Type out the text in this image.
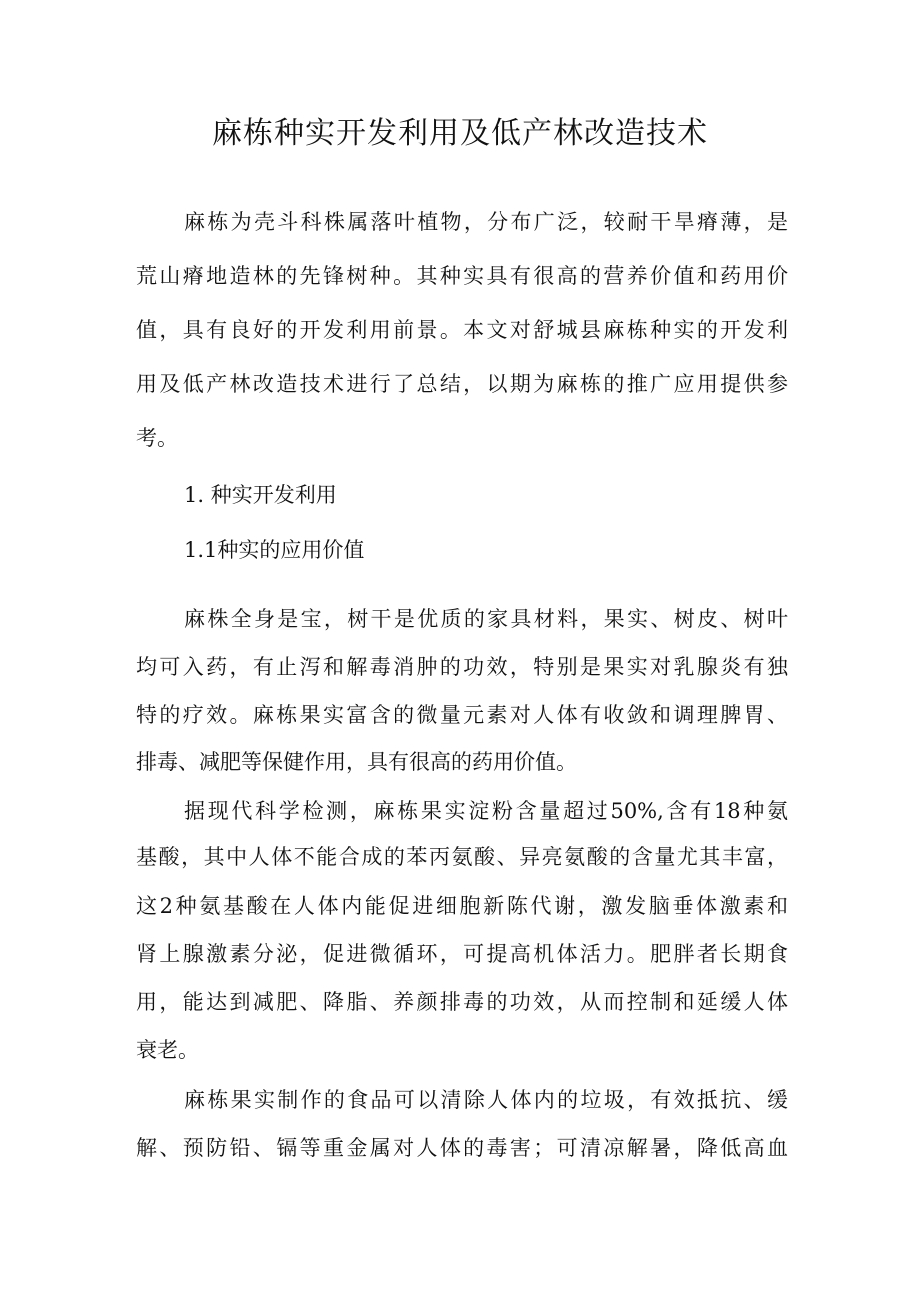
麻栋种实开发利用及低产林改造技术

麻栋为壳斗科株属落叶植物，分布广泛，较耐干旱瘠薄，是

荒山瘠地造林的先锋树种。其种实具有很高的营养价值和药用价

值，具有良好的开发利用前景。本文对舒城县麻栋种实的开发利

用及低产林改造技术进行了总结，以期为麻栋的推广应用提供参

考。

1. 种实开发利用

1.1种实的应用价值

麻株全身是宝，树干是优质的家具材料，果实、树皮、树叶

均可入药，有止泻和解毒消肿的功效，特别是果实对乳腺炎有独

特的疗效。麻栋果实富含的微量元素对人体有收敛和调理脾胃、

排毒、减肥等保健作用，具有很高的药用价值。

据现代科学检测，麻栋果实淀粉含量超过50%,含有18种氨

基酸，其中人体不能合成的苯丙氨酸、异亮氨酸的含量尤其丰富，

这2种氨基酸在人体内能促进细胞新陈代谢，激发脑垂体激素和

肾上腺激素分泌，促进微循环，可提高机体活力。肥胖者长期食

用，能达到减肥、降脂、养颜排毒的功效，从而控制和延缓人体

衰老。

麻栋果实制作的食品可以清除人体内的垃圾，有效抵抗、缓

解、预防铅、镉等重金属对人体的毒害；可清凉解暑，降低高血
